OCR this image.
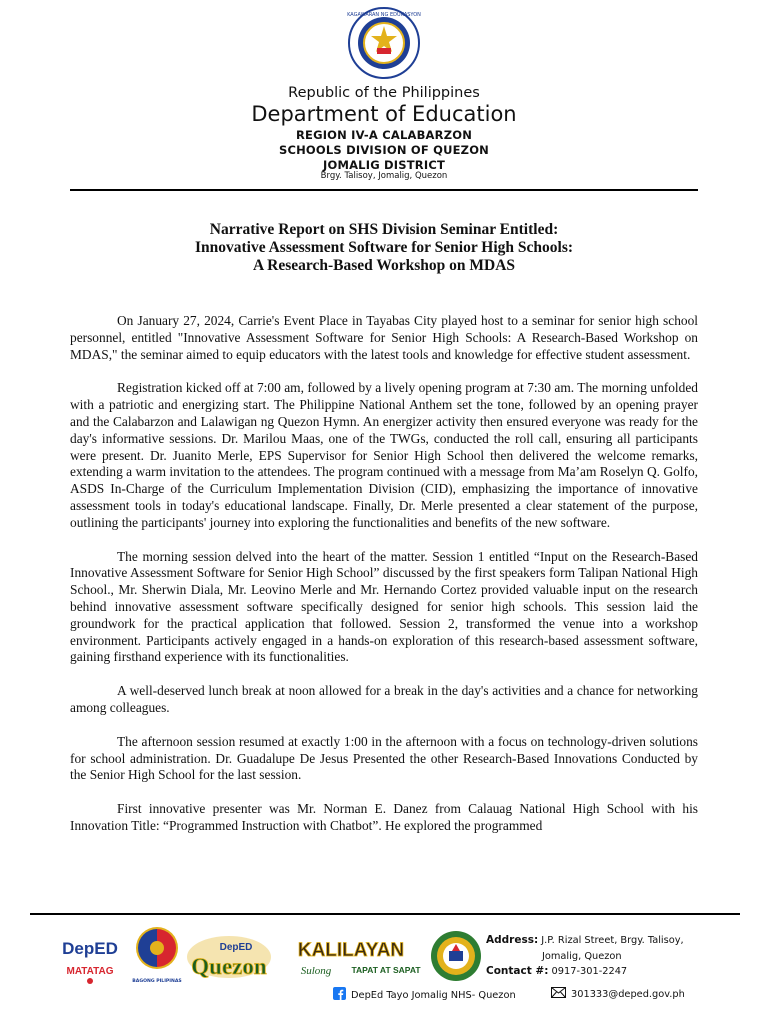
KAGAWARAN NG EDUKASYON
Republic of the Philippines
Department of Education
REGION IV-A CALABARZON
SCHOOLS DIVISION OF QUEZON
JOMALIG DISTRICT
Brgy. Talisoy, Jomalig, Quezon
Narrative Report on SHS Division Seminar Entitled:
Innovative Assessment Software for Senior High Schools:
A Research-Based Workshop on MDAS

On January 27, 2024, Carrie's Event Place in Tayabas City played host to a seminar for senior high school personnel, entitled "Innovative Assessment Software for Senior High Schools: A Research-Based Workshop on MDAS," the seminar aimed to equip educators with the latest tools and knowledge for effective student assessment.

Registration kicked off at 7:00 am, followed by a lively opening program at 7:30 am. The morning unfolded with a patriotic and energizing start. The Philippine National Anthem set the tone, followed by an opening prayer and the Calabarzon and Lalawigan ng Quezon Hymn. An energizer activity then ensured everyone was ready for the day's informative sessions. Dr. Marilou Maas, one of the TWGs, conducted the roll call, ensuring all participants were present. Dr. Juanito Merle, EPS Supervisor for Senior High School then delivered the welcome remarks, extending a warm invitation to the attendees. The program continued with a message from Ma’am Roselyn Q. Golfo, ASDS In-Charge of the Curriculum Implementation Division (CID), emphasizing the importance of innovative assessment tools in today's educational landscape. Finally, Dr. Merle presented a clear statement of the purpose, outlining the participants' journey into exploring the functionalities and benefits of the new software.

The morning session delved into the heart of the matter. Session 1 entitled “Input on the Research-Based Innovative Assessment Software for Senior High School” discussed by the first speakers form Talipan National High School., Mr. Sherwin Diala, Mr. Leovino Merle and Mr. Hernando Cortez provided valuable input on the research behind innovative assessment software specifically designed for senior high schools. This session laid the groundwork for the practical application that followed. Session 2, transformed the venue into a workshop environment. Participants actively engaged in a hands-on exploration of this research-based assessment software, gaining firsthand experience with its functionalities.

A well-deserved lunch break at noon allowed for a break in the day's activities and a chance for networking among colleagues.

The afternoon session resumed at exactly 1:00 in the afternoon with a focus on technology-driven solutions for school administration. Dr. Guadalupe De Jesus Presented the other Research-Based Innovations Conducted by the Senior High School for the last session.

First innovative presenter was Mr. Norman E. Danez from Calauag National High School with his Innovation Title: “Programmed Instruction with Chatbot”. He explored the programmed

DepED
MATATAG
BAGONG PILIPINAS
DepED
Quezon
KALILAYAN
Sulong TAPAT AT SAPAT
Address: J.P. Rizal Street, Brgy. Talisoy,
Jomalig, Quezon
Contact #: 0917-301-2247
DepEd Tayo Jomalig NHS- Quezon	301333@deped.gov.ph
